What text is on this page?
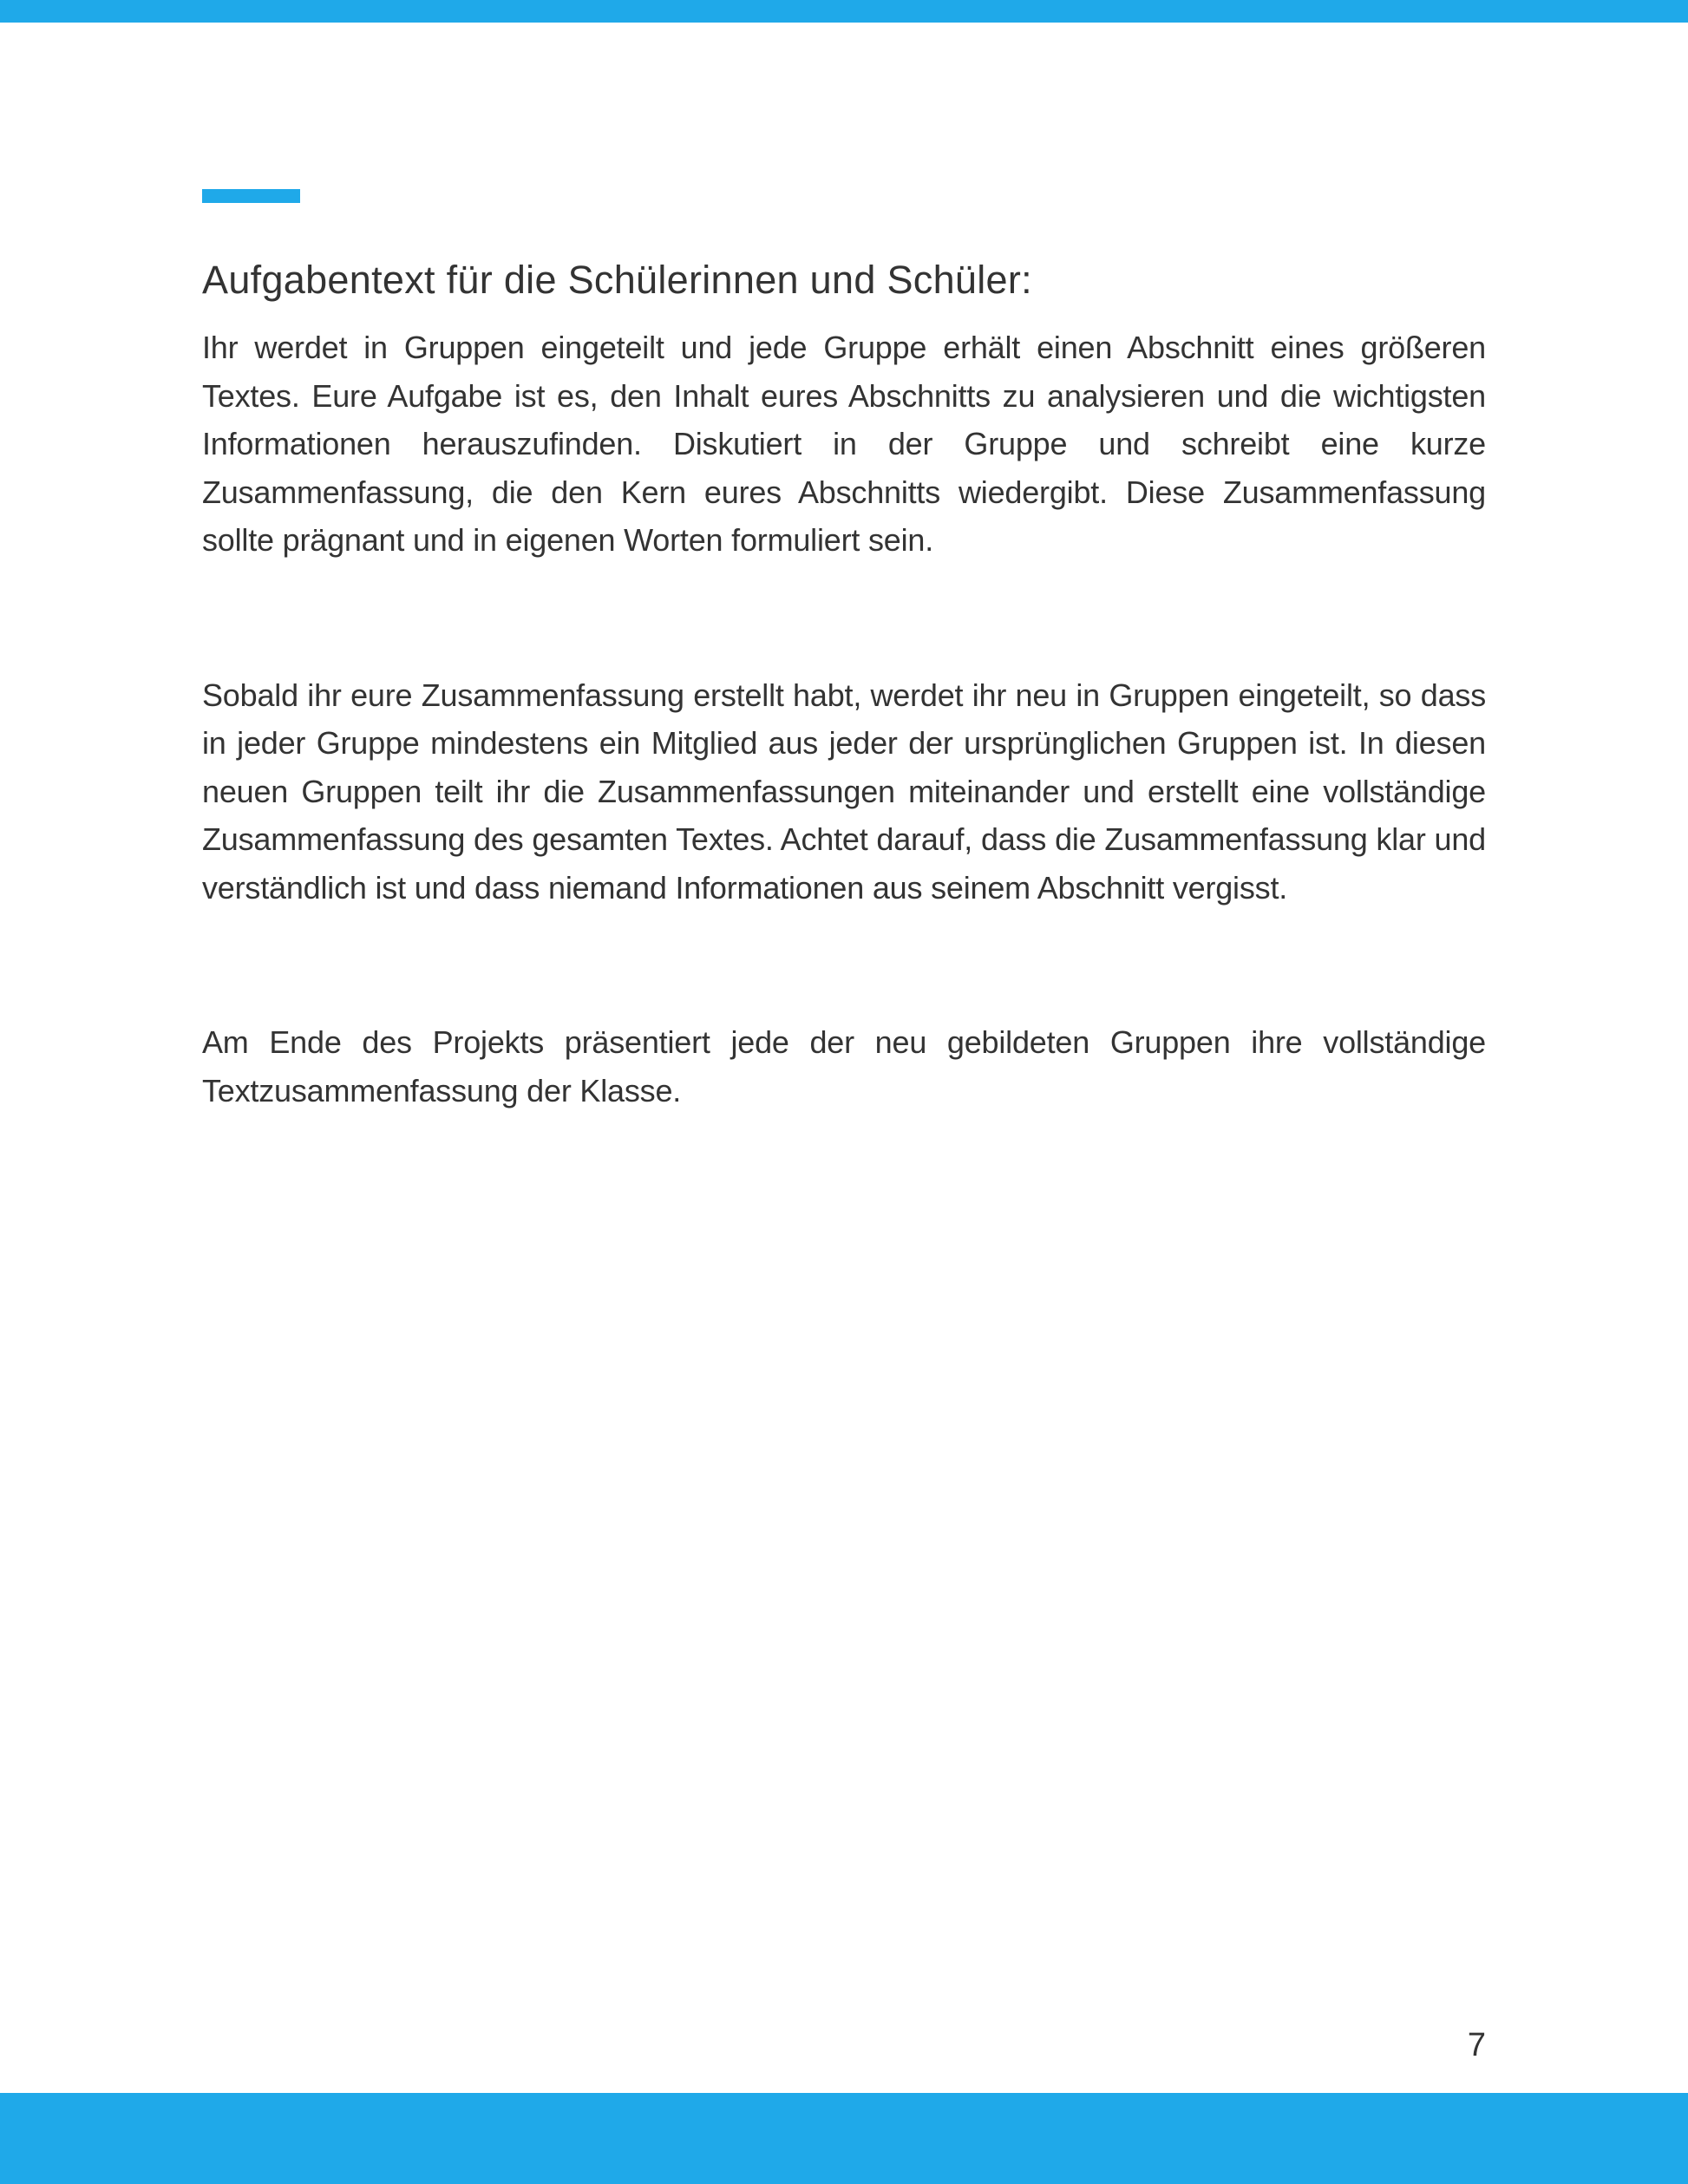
Aufgabentext für die Schülerinnen und Schüler:

Ihr werdet in Gruppen eingeteilt und jede Gruppe erhält einen Abschnitt eines größeren Textes. Eure Aufgabe ist es, den Inhalt eures Abschnitts zu analysieren und die wichtigsten Informationen herauszufinden. Diskutiert in der Gruppe und schreibt eine kurze Zusammenfassung, die den Kern eures Abschnitts wiedergibt. Diese Zusammenfassung sollte prägnant und in eigenen Worten formuliert sein.

Sobald ihr eure Zusammenfassung erstellt habt, werdet ihr neu in Gruppen eingeteilt, so dass in jeder Gruppe mindestens ein Mitglied aus jeder der ursprünglichen Gruppen ist. In diesen neuen Gruppen teilt ihr die Zusammenfassungen miteinander und erstellt eine vollständige Zusammenfassung des gesamten Textes. Achtet darauf, dass die Zusammenfassung klar und verständlich ist und dass niemand Informationen aus seinem Abschnitt vergisst.

Am Ende des Projekts präsentiert jede der neu gebildeten Gruppen ihre vollständige Textzusammenfassung der Klasse.

7
